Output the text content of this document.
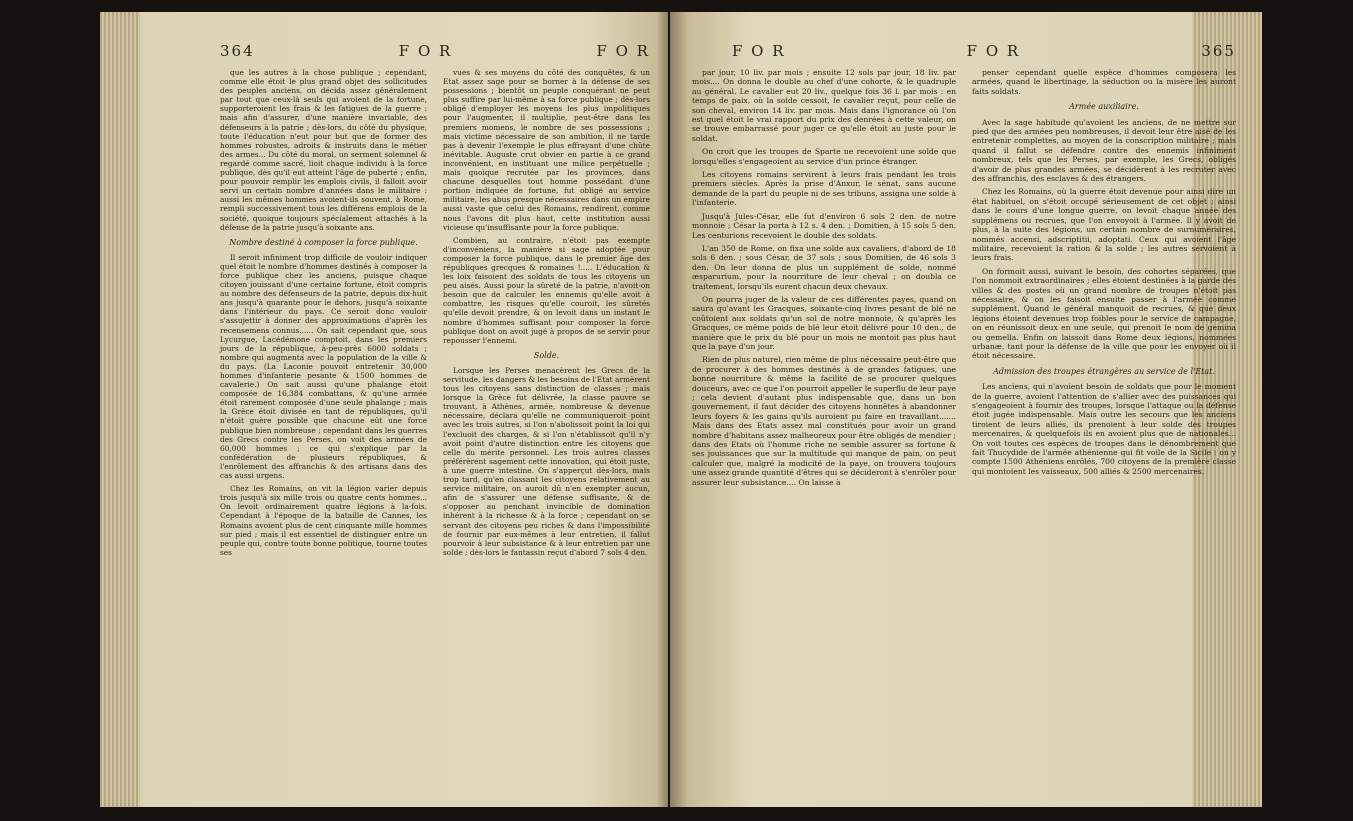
364	F O R	F O R

que les autres à la chose publique ; cependant, comme elle étoit le plus grand objet des sollicitudes des peuples anciens, on décida assez généralement par tout que ceux-là seuls qui avoient de la fortune, supporteroient les frais & les fatigues de la guerre : mais afin d'assurer, d'une manière invariable, des défenseurs à la patrie ; dès-lors, du côté du physique, toute l'éducation n'eut pour but que de former des hommes robustes, adroits & instruits dans le métier des armes... Du côté du moral, un serment solemnel & regardé comme sacré, lioit chaque individu à la force publique, dès qu'il eut atteint l'âge de puberté ; enfin, pour pouvoir remplir les emplois civils, il falloit avoir servi un certain nombre d'années dans le militaire : aussi les mêmes hommes avoient-ils souvent, à Rome, rempli successivement tous les différens emplois de la société, quoique toujours spécialement attachés à la défense de la patrie jusqu'à soixante ans.

Nombre destiné à composer la force publique.

Il seroit infiniment trop difficile de vouloir indiquer quel étoit le nombre d'hommes destinés à composer la force publique chez les anciens, puisque chaque citoyen jouissant d'une certaine fortune, étoit compris au nombre des défenseurs de la patrie, depuis dix-huit ans jusqu'à quarante pour le dehors, jusqu'à soixante dans l'intérieur du pays. Ce seroit donc vouloir s'assujettir à donner des approximations d'après les recensemens connus...... On sait cependant que, sous Lycurgue, Lacédémone comptoit, dans les premiers jours de la république, à-peu-près 6000 soldats ; nombre qui augmenta avec la population de la ville & du pays. (La Laconie pouvoit entretenir 30,000 hommes d'infanterie pesante & 1500 hommes de cavalerie.) On sait aussi qu'une phalange étoit composée de 16,384 combattans, & qu'une armée étoit rarement composée d'une seule phalange ; mais la Grèce étoit divisée en tant de républiques, qu'il n'étoit guère possible que chacune eût une force publique bien nombreuse ; cependant dans les guerres des Grecs contre les Perses, on voit des armées de 60,000 hommes ; ce qui s'explique par la confédération de plusieurs républiques, & l'enrôlement des affranchis & des artisans dans des cas aussi urgens.

Chez les Romains, on vit la légion varier depuis trois jusqu'à six mille trois ou quatre cents hommes... On levoit ordinairement quatre légions à la-fois. Cependant à l'époque de la bataille de Cannes, les Romains avoient plus de cent cinquante mille hommes sur pied ; mais il est essentiel de distinguer entre un peuple qui, contre toute bonne politique, tourne toutes ses

vues & ses moyens du côté des conquêtes, & un Etat assez sage pour se borner à la défense de ses possessions ; bientôt un peuple conquérant ne peut plus suffire par lui-même à sa force publique ; dès-lors obligé d'employer les moyens les plus impolitiques pour l'augmenter, il multiplie, peut-être dans les premiers momens, le nombre de ses possessions ; mais victime nécessaire de son ambition, il ne tarde pas à devenir l'exemple le plus effrayant d'une chûte inévitable. Auguste crut obvier en partie à ce grand inconvénient, en instituant une milice perpétuelle ; mais quoique recrutée par les provinces, dans chacune desquelles tout homme possédant d'une portion indiquée de fortune, fut obligé au service militaire, les abus presque nécessaires dans un empire aussi vaste que celui des Romains, rendirent, comme nous l'avons dit plus haut, cette institution aussi vicieuse qu'insuffisante pour la force publique.

Combien, au contraire, n'étoit pas exempte d'inconvéniens, la manière si sage adoptée pour composer la force publique, dans le premier âge des républiques grecques & romaines !..... L'éducation & les loix faisoient des soldats de tous les citoyens un peu aisés. Aussi pour la sûreté de la patrie, n'avoit-on besoin que de calculer les ennemis qu'elle avoit à combattre, les risques qu'elle couroit, les sûretés qu'elle devoit prendre, & on levoit dans un instant le nombre d'hommes suffisant pour composer la force publique dont on avoit jugé à propos de se servir pour repousser l'ennemi.

Solde.

Lorsque les Perses menacèrent les Grecs de la servitude, les dangers & les besoins de l'Etat armèrent tous les citoyens sans distinction de classes ; mais lorsque la Grèce fut délivrée, la classe pauvre se trouvant, à Athènes, armée, nombreuse & devenue nécessaire, déclara qu'elle ne communiqueroit point avec les trois autres, si l'on n'abolissoit point la loi qui l'excluoit des charges, & si l'on n'établissoit qu'il n'y avoit point d'autre distinction entre les citoyens que celle du mérite personnel. Les trois autres classes préférèrent sagement cette innovation, qui étoit juste, à une guerre intestine. On s'apperçut dès-lors, mais trop tard, qu'en classant les citoyens relativement au service militaire, on auroit dû n'en exempter aucun, afin de s'assurer une défense suffisante, & de s'opposer au penchant invincible de domination inhérent à la richesse & à la force ; cependant on se servant des citoyens peu riches & dans l'impossibilité de fournir par eux-mêmes à leur entretien, il fallut pourvoir à leur subsistance & à leur entretien par une solde ; dès-lors le fantassin reçut d'abord 7 sols 4 den.

F O R	F O R	365

par jour, 10 liv. par mois ; ensuite 12 sols par jour, 18 liv. par mois.... On donna le double au chef d'une cohorte, & le quadruple au général. Le cavalier eut 20 liv., quelque fois 36 l. par mois : en temps de paix, où la solde cessoit, le cavalier reçut, pour celle de son cheval, environ 14 liv. par mois. Mais dans l'ignorance où l'on est quel étoit le vrai rapport du prix des denrées à cette valeur, on se trouve embarrassé pour juger ce qu'elle étoit au juste pour le soldat.

On croit que les troupes de Sparte ne recevoient une solde que lorsqu'elles s'engageoient au service d'un prince étranger.

Les citoyens romains servirent à leurs frais pendant les trois premiers siècles. Après la prise d'Anxur, le sénat, sans aucune demande de la part du peuple ni de ses tribuns, assigna une solde à l'infanterie.

Jusqu'à Jules-César, elle fut d'environ 6 sols 2 den. de notre monnoie ; César la porta à 12 s. 4 den. ; Domitien, à 15 sols 5 den. Les centurions recevoient le double des soldats.

L'an 350 de Rome, on fixa une solde aux cavaliers, d'abord de 18 sols 6 den. ; sous César, de 37 sols ; sous Domitien, de 46 sols 3 den. On leur donna de plus un supplément de solde, nommé æsparurium, pour la nourriture de leur cheval ; on doubla ce traitement, lorsqu'ils eurent chacun deux chevaux.

On pourra juger de la valeur de ces différentes payes, quand on saura qu'avant les Gracques, soixante-cinq livres pesant de blé ne coûtoient aux soldats qu'un sol de notre monnoie, & qu'après les Gracques, ce même poids de blé leur étoit délivré pour 10 den., de manière que le prix du blé pour un mois ne montoit pas plus haut que la paye d'un jour.

Rien de plus naturel, rien même de plus nécessaire peut-être que de procurer à des hommes destinés à de grandes fatigues, une bonne nourriture & même la facilité de se procurer quelques douceurs, avec ce que l'on pourroit appeller le superflu de leur paye ; cela devient d'autant plus indispensable que, dans un bon gouvernement, il faut décider des citoyens honnêtes à abandonner leurs foyers & les gains qu'ils auroient pu faire en travaillant....... Mais dans des Etats assez mal constitués pour avoir un grand nombre d'habitans assez malheureux pour être obligés de mendier ; dans des Etats où l'homme riche ne semble assurer sa fortune & ses jouissances que sur la multitude qui manque de pain, on peut calculer que, malgré la modicité de la paye, on trouvera toujours une assez grande quantité d'êtres qui se décideront à s'enrôler pour assurer leur subsistance.... On laisse à

penser cependant quelle espèce d'hommes composera les armées, quand le libertinage, la séduction ou la misère les auront faits soldats.

Armée auxiliaire.

Avec la sage habitude qu'avoient les anciens, de ne mettre sur pied que des armées peu nombreuses, il devoit leur être aisé de les entretenir complettes, au moyen de la conscription militaire ; mais quand il fallut se défendre contre des ennemis infiniment nombreux, tels que les Perses, par exemple, les Grecs, obligés d'avoir de plus grandes armées, se décidèrent à les recruter avec des affranchis, des esclaves & des étrangers.

Chez les Romains, où la guerre étoit devenue pour ainsi dire un état habituel, on s'étoit occupé sérieusement de cet objet ; ainsi dans le cours d'une longue guerre, on levoit chaque année des supplémens ou recrues, que l'on envoyoit à l'armée. Il y avoit de plus, à la suite des légions, un certain nombre de surnuméraires, nommés accensi, adscriptitii, adoptati. Ceux qui avoient l'âge militaire, recevoient la ration & la solde ; les autres servoient à leurs frais.

On formoit aussi, suivant le besoin, des cohortes séparées, que l'on nommoit extraordinaires ; elles étoient destinées à la garde des villes & des postes où un grand nombre de troupes n'étoit pas nécessaire, & on les faisoit ensuite passer à l'armée comme supplément. Quand le général manquoit de recrues, & que deux légions étoient devenues trop foibles pour le service de campagne, on en réunissoit deux en une seule, qui prenoit le nom de gemina ou gemella. Enfin on laissoit dans Rome deux légions, nommées urbanæ, tant pour la défense de la ville que pour les envoyer où il étoit nécessaire.

Admission des troupes étrangères au service de l'Etat.

Les anciens, qui n'avoient besoin de soldats que pour le moment de la guerre, avoient l'attention de s'allier avec des puissances qui s'engageoient à fournir des troupes, lorsque l'attaque ou la défense étoit jugée indispensable. Mais outre les secours que les anciens tiroient de leurs alliés, ils prenoient à leur solde des troupes mercenaires, & quelquefois ils en avoient plus que de nationales... On voit toutes ces espèces de troupes dans le dénombrement que fait Thucydide de l'armée athénienne qui fit voile de la Sicile : on y compte 1500 Athéniens enrôlés, 700 citoyens de la première classe qui montoient les vaisseaux, 500 alliés & 2500 mercenaires.
